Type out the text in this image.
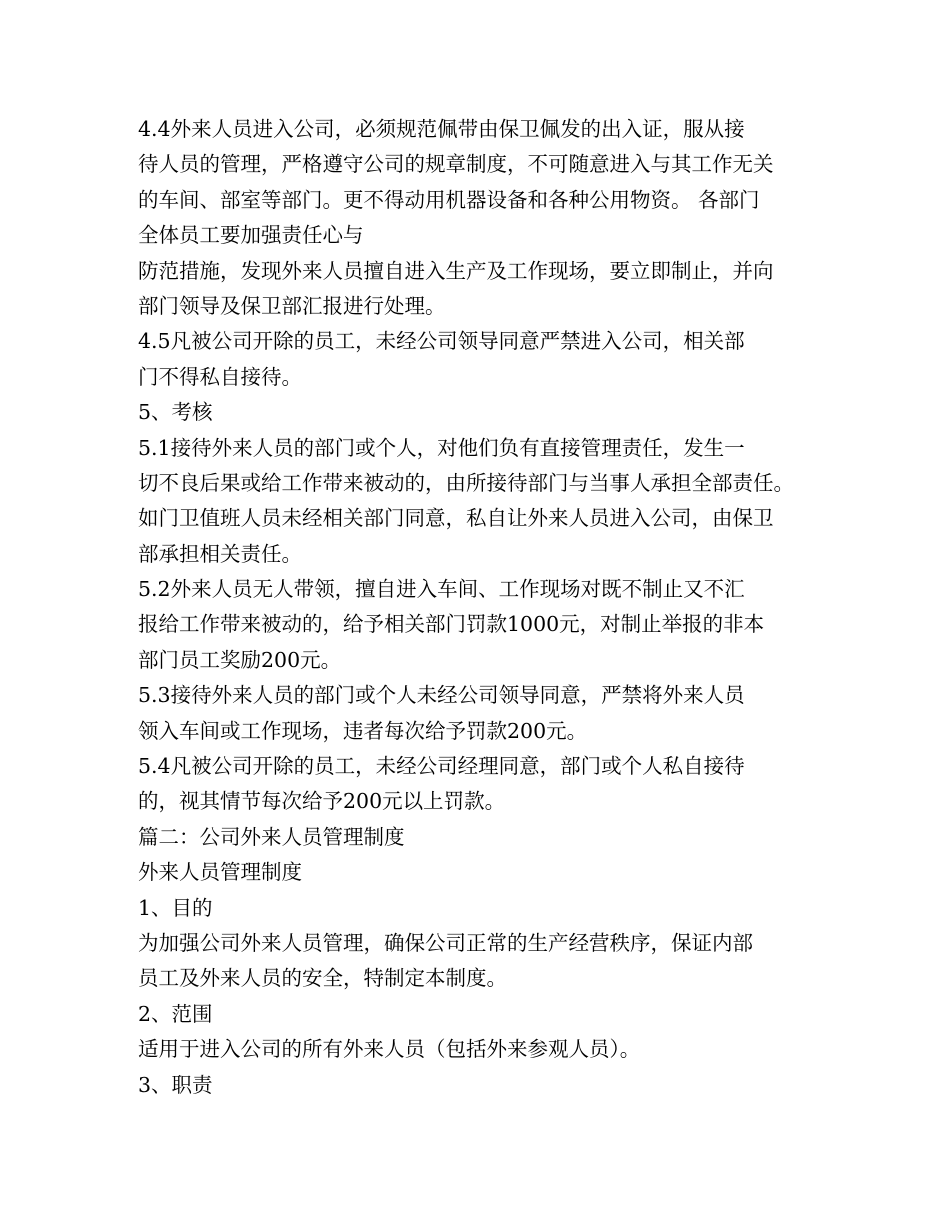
4.4外来人员进入公司，必须规范佩带由保卫佩发的出入证，服从接
待人员的管理，严格遵守公司的规章制度，不可随意进入与其工作无关
的车间、部室等部门。更不得动用机器设备和各种公用物资。 各部门
全体员工要加强责任心与
防范措施，发现外来人员擅自进入生产及工作现场，要立即制止，并向
部门领导及保卫部汇报进行处理。
4.5凡被公司开除的员工，未经公司领导同意严禁进入公司，相关部
门不得私自接待。
5、考核
5.1接待外来人员的部门或个人，对他们负有直接管理责任，发生一
切不良后果或给工作带来被动的，由所接待部门与当事人承担全部责任。
如门卫值班人员未经相关部门同意，私自让外来人员进入公司，由保卫
部承担相关责任。
5.2外来人员无人带领，擅自进入车间、工作现场对既不制止又不汇
报给工作带来被动的，给予相关部门罚款1000元，对制止举报的非本
部门员工奖励200元。
5.3接待外来人员的部门或个人未经公司领导同意，严禁将外来人员
领入车间或工作现场，违者每次给予罚款200元。
5.4凡被公司开除的员工，未经公司经理同意，部门或个人私自接待
的，视其情节每次给予200元以上罚款。
篇二：公司外来人员管理制度
外来人员管理制度
1、目的
为加强公司外来人员管理，确保公司正常的生产经营秩序，保证内部
员工及外来人员的安全，特制定本制度。
2、范围
适用于进入公司的所有外来人员（包括外来参观人员）。
3、职责
